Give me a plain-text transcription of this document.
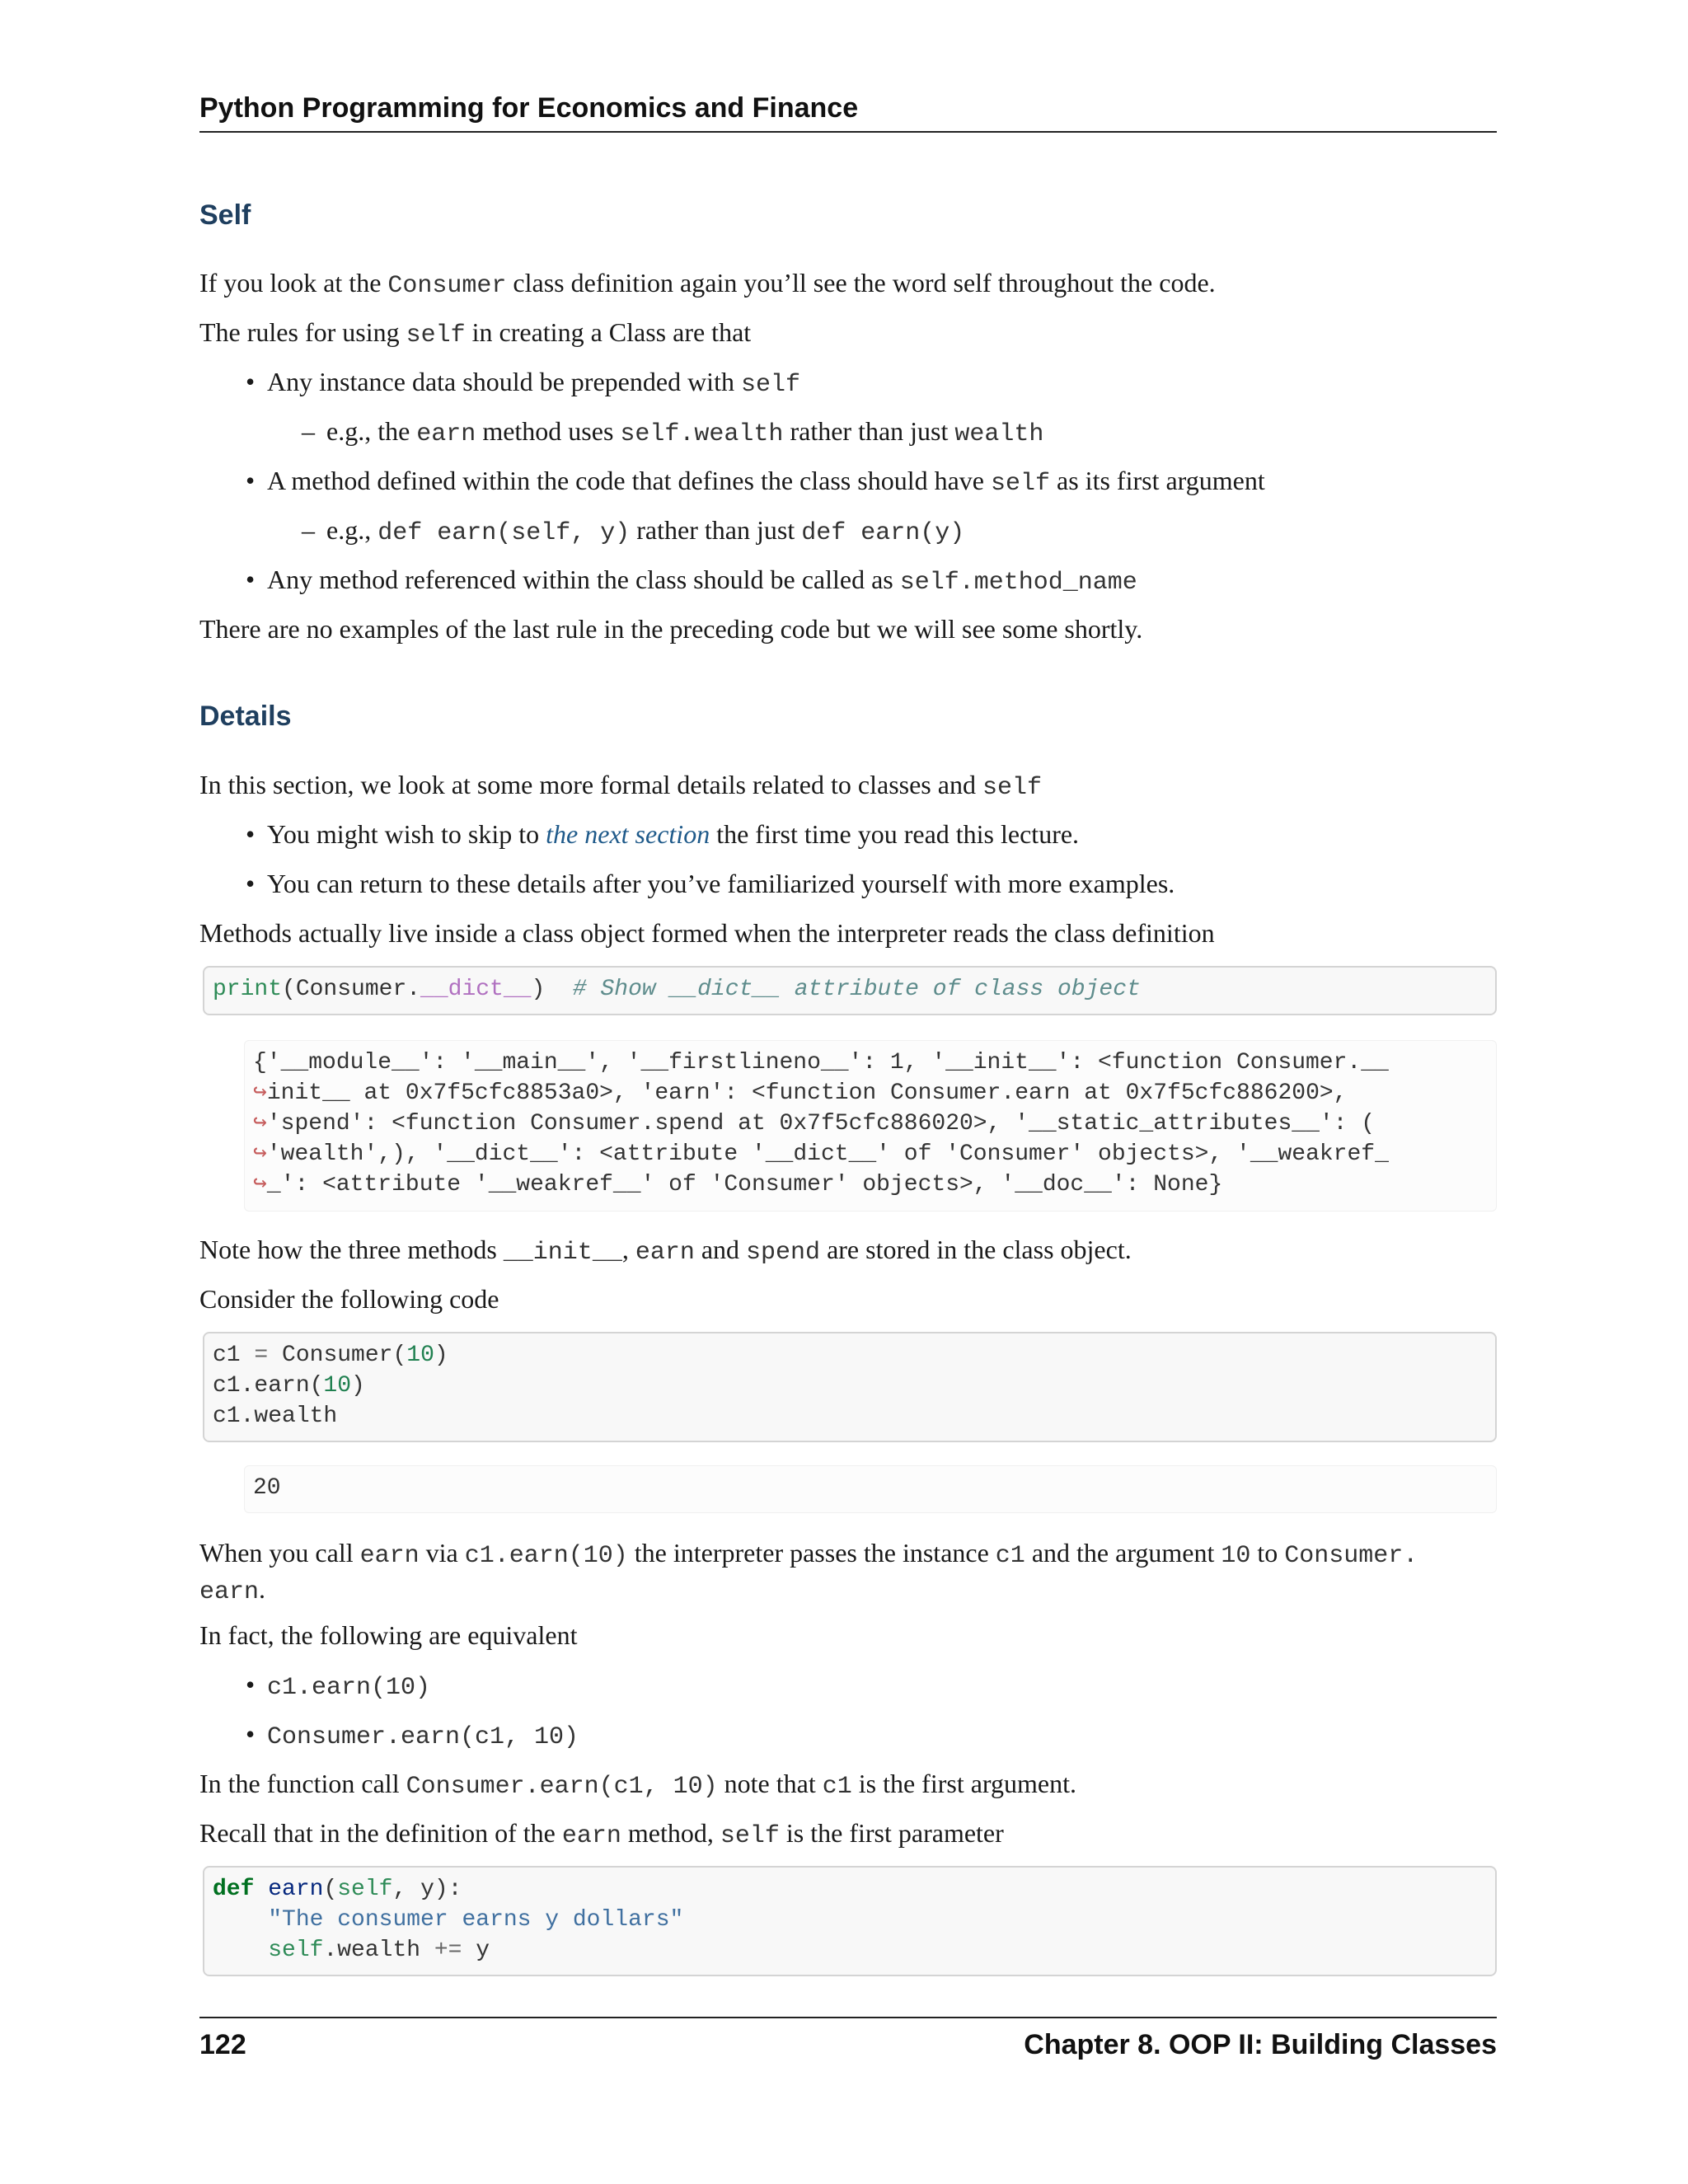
Python Programming for Economics and Finance
Self

If you look at the Consumer class definition again you’ll see the word self throughout the code.

The rules for using self in creating a Class are that

• Any instance data should be prepended with self

– e.g., the earn method uses self.wealth rather than just wealth

• A method defined within the code that defines the class should have self as its first argument

– e.g., def earn(self, y) rather than just def earn(y)

• Any method referenced within the class should be called as self.method_name

There are no examples of the last rule in the preceding code but we will see some shortly.

Details

In this section, we look at some more formal details related to classes and self

• You might wish to skip to the next section the first time you read this lecture.

• You can return to these details after you’ve familiarized yourself with more examples.

Methods actually live inside a class object formed when the interpreter reads the class definition

print(Consumer.__dict__) # Show __dict__ attribute of class object
{'__module__': '__main__', '__firstlineno__': 1, '__init__': <function Consumer.__
↪init__ at 0x7f5cfc8853a0>, 'earn': <function Consumer.earn at 0x7f5cfc886200>,
↪'spend': <function Consumer.spend at 0x7f5cfc886020>, '__static_attributes__': (
↪'wealth',), '__dict__': <attribute '__dict__' of 'Consumer' objects>, '__weakref_
↪_': <attribute '__weakref__' of 'Consumer' objects>, '__doc__': None}

Note how the three methods __init__, earn and spend are stored in the class object.

Consider the following code

c1 = Consumer(10)
c1.earn(10)
c1.wealth
20

When you call earn via c1.earn(10) the interpreter passes the instance c1 and the argument 10 to Consumer.
earn.

In fact, the following are equivalent

• c1.earn(10)

• Consumer.earn(c1, 10)

In the function call Consumer.earn(c1, 10) note that c1 is the first argument.

Recall that in the definition of the earn method, self is the first parameter

def earn(self, y):
"The consumer earns y dollars"
self.wealth += y
122	Chapter 8. OOP II: Building Classes
